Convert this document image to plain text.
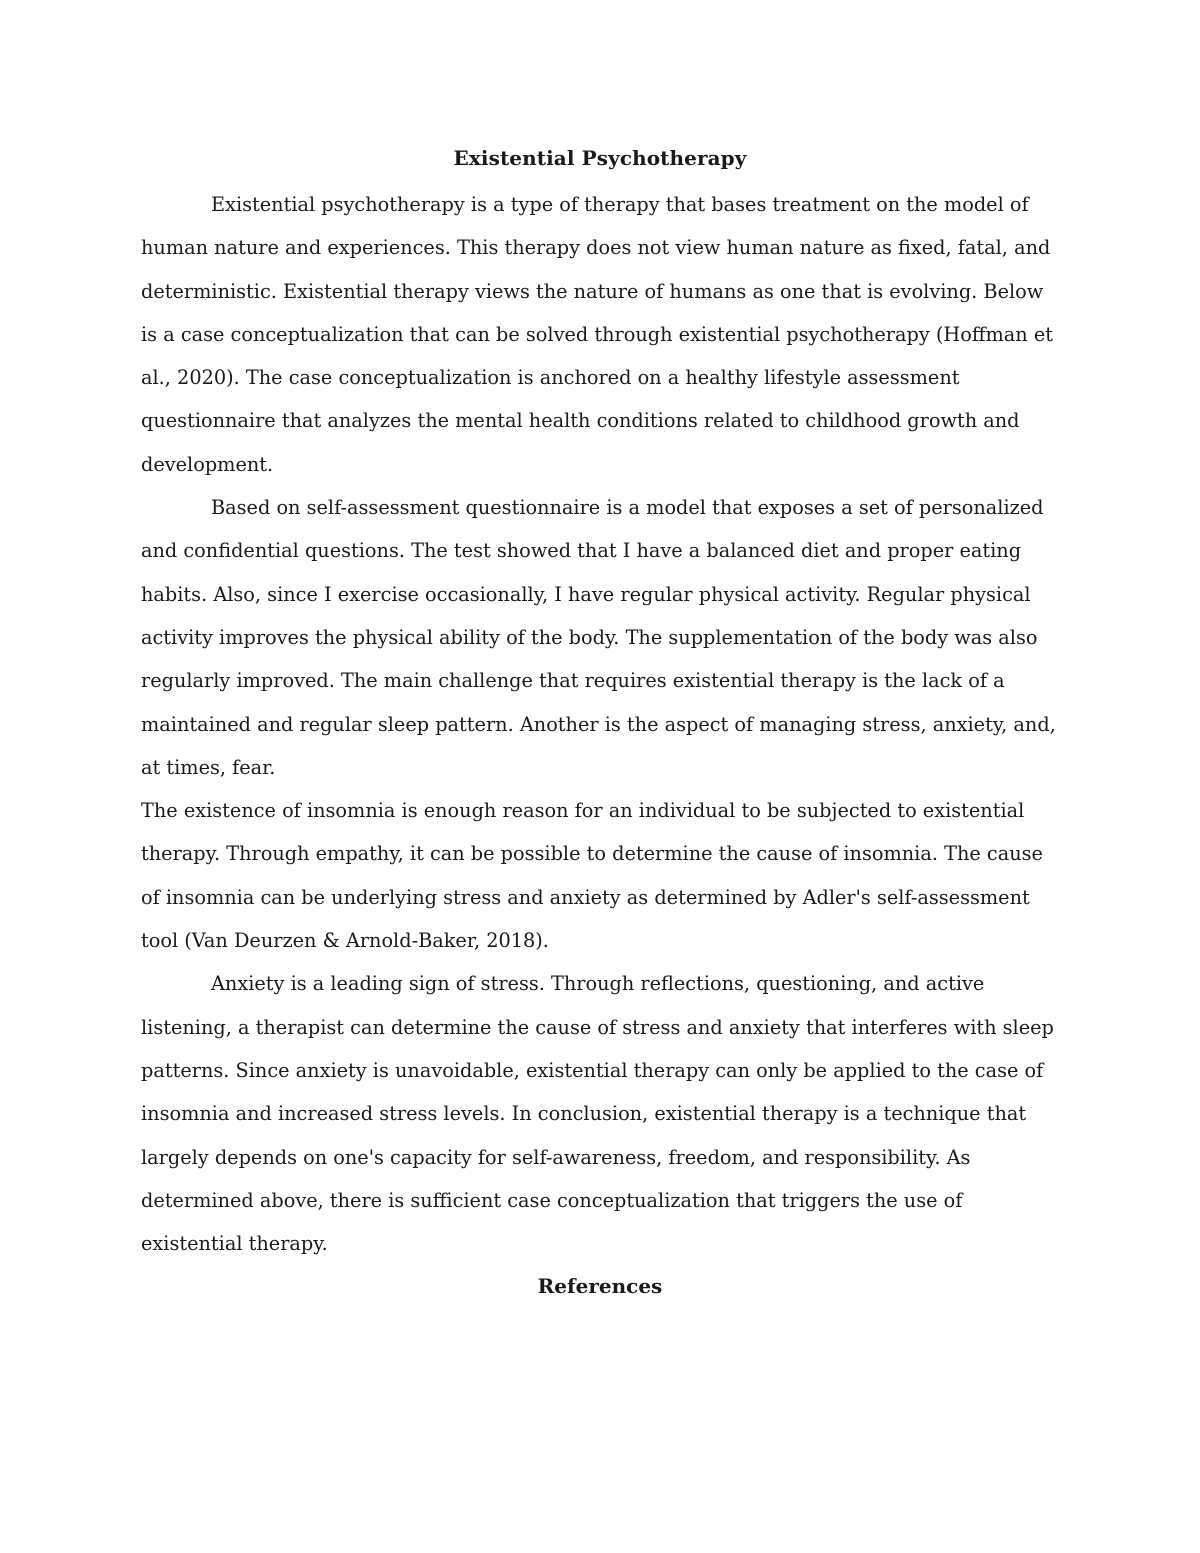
Existential Psychotherapy

Existential psychotherapy is a type of therapy that bases treatment on the model of human nature and experiences. This therapy does not view human nature as fixed, fatal, and deterministic. Existential therapy views the nature of humans as one that is evolving. Below is a case conceptualization that can be solved through existential psychotherapy (Hoffman et al., 2020). The case conceptualization is anchored on a healthy lifestyle assessment questionnaire that analyzes the mental health conditions related to childhood growth and development.

Based on self-assessment questionnaire is a model that exposes a set of personalized and confidential questions. The test showed that I have a balanced diet and proper eating habits. Also, since I exercise occasionally, I have regular physical activity. Regular physical activity improves the physical ability of the body. The supplementation of the body was also regularly improved. The main challenge that requires existential therapy is the lack of a maintained and regular sleep pattern. Another is the aspect of managing stress, anxiety, and, at times, fear.

The existence of insomnia is enough reason for an individual to be subjected to existential therapy. Through empathy, it can be possible to determine the cause of insomnia. The cause of insomnia can be underlying stress and anxiety as determined by Adler's self-assessment tool (Van Deurzen & Arnold-Baker, 2018).

Anxiety is a leading sign of stress. Through reflections, questioning, and active listening, a therapist can determine the cause of stress and anxiety that interferes with sleep patterns. Since anxiety is unavoidable, existential therapy can only be applied to the case of insomnia and increased stress levels. In conclusion, existential therapy is a technique that largely depends on one's capacity for self-awareness, freedom, and responsibility. As determined above, there is sufficient case conceptualization that triggers the use of existential therapy.

References
